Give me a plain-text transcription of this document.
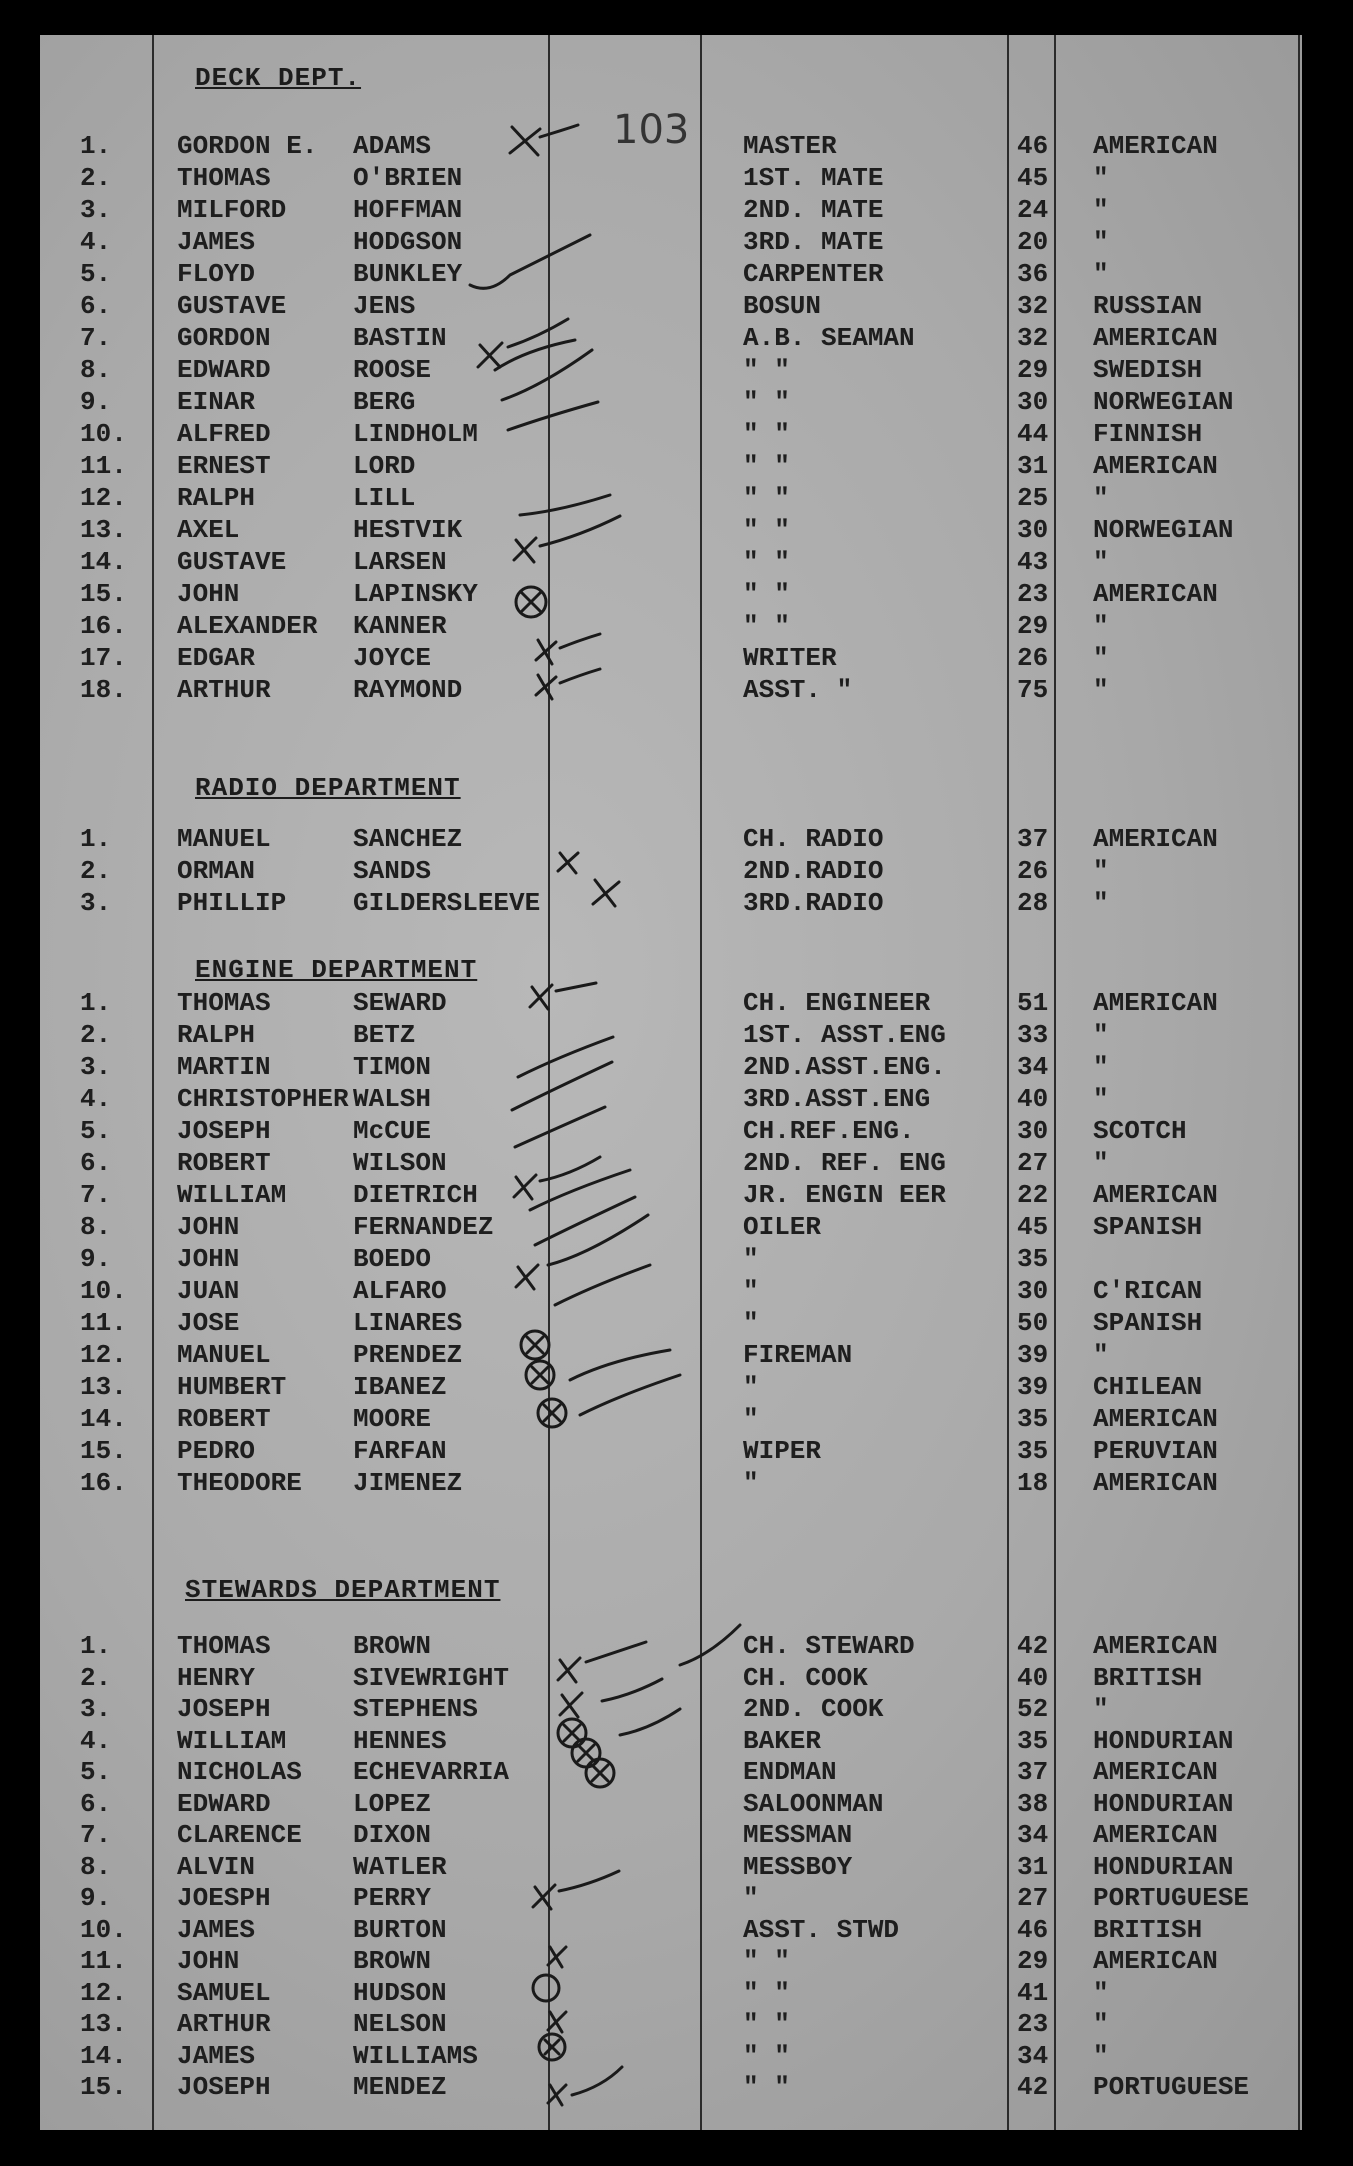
103
DECK DEPT.
1.	GORDON E. ADAMS	MASTER	46 AMERICAN
2.	THOMAS	O'BRIEN	1ST. MATE	45 "
3.	MILFORD	HOFFMAN	2ND. MATE	24 "
4.	JAMES	HODGSON	3RD. MATE	20 "
5.	FLOYD	BUNKLEY	CARPENTER	36 "
6.	GUSTAVE	JENS	BOSUN	32 RUSSIAN
7.	GORDON	BASTIN	A.B. SEAMAN	32 AMERICAN
8.	EDWARD	ROOSE	" "	29 SWEDISH
9.	EINAR	BERG	" "	30 NORWEGIAN
10. ALFRED	LINDHOLM	" "	44 FINNISH
11. ERNEST	LORD	" "	31 AMERICAN
12. RALPH	LILL	" "	25 "
13. AXEL	HESTVIK	" "	30 NORWEGIAN
14. GUSTAVE	LARSEN	" "	43 "
15. JOHN	LAPINSKY	" "	23 AMERICAN
16. ALEXANDER KANNER	" "	29 "
17. EDGAR	JOYCE	WRITER	26 "
18. ARTHUR	RAYMOND	ASST. "	75 "
RADIO DEPARTMENT
1.	MANUEL	SANCHEZ	CH. RADIO	37 AMERICAN
2.	ORMAN	SANDS	2ND.RADIO	26 "
3.	PHILLIP	GILDERSLEEVE	3RD.RADIO	28 "
ENGINE DEPARTMENT
1.	THOMAS	SEWARD	CH. ENGINEER	51 AMERICAN
2.	RALPH	BETZ	1ST. ASST.ENG	33 "
3.	MARTIN	TIMON	2ND.ASST.ENG.	34 "
4.	CHRISTOPHER WALSH	3RD.ASST.ENG	40 "
5.	JOSEPH	McCUE	CH.REF.ENG.	30 SCOTCH
6.	ROBERT	WILSON	2ND. REF. ENG	27 "
7.	WILLIAM	DIETRICH	JR. ENGIN EER	22 AMERICAN
8.	JOHN	FERNANDEZ	OILER	45 SPANISH
9.	JOHN	BOEDO	"	35
10. JUAN	ALFARO	"	30 C'RICAN
11. JOSE	LINARES	"	50 SPANISH
12. MANUEL	PRENDEZ	FIREMAN	39 "
13. HUMBERT	IBANEZ	"	39 CHILEAN
14. ROBERT	MOORE	"	35 AMERICAN
15. PEDRO	FARFAN	WIPER	35 PERUVIAN
16. THEODORE JIMENEZ	"	18 AMERICAN
STEWARDS DEPARTMENT
1.	THOMAS	BROWN	CH. STEWARD	42 AMERICAN
2.	HENRY	SIVEWRIGHT	CH. COOK	40 BRITISH
3.	JOSEPH	STEPHENS	2ND. COOK	52 "
4.	WILLIAM	HENNES	BAKER	35 HONDURIAN
5.	NICHOLAS ECHEVARRIA	ENDMAN	37 AMERICAN
6.	EDWARD	LOPEZ	SALOONMAN	38 HONDURIAN
7.	CLARENCE DIXON	MESSMAN	34 AMERICAN
8.	ALVIN	WATLER	MESSBOY	31 HONDURIAN
9.	JOESPH	PERRY	"	27 PORTUGUESE
10. JAMES	BURTON	ASST. STWD	46 BRITISH
11. JOHN	BROWN	" "	29 AMERICAN
12. SAMUEL	HUDSON	" "	41 "
13. ARTHUR	NELSON	" "	23 "
14. JAMES	WILLIAMS	" "	34 "
15. JOSEPH	MENDEZ	" "	42 PORTUGUESE
